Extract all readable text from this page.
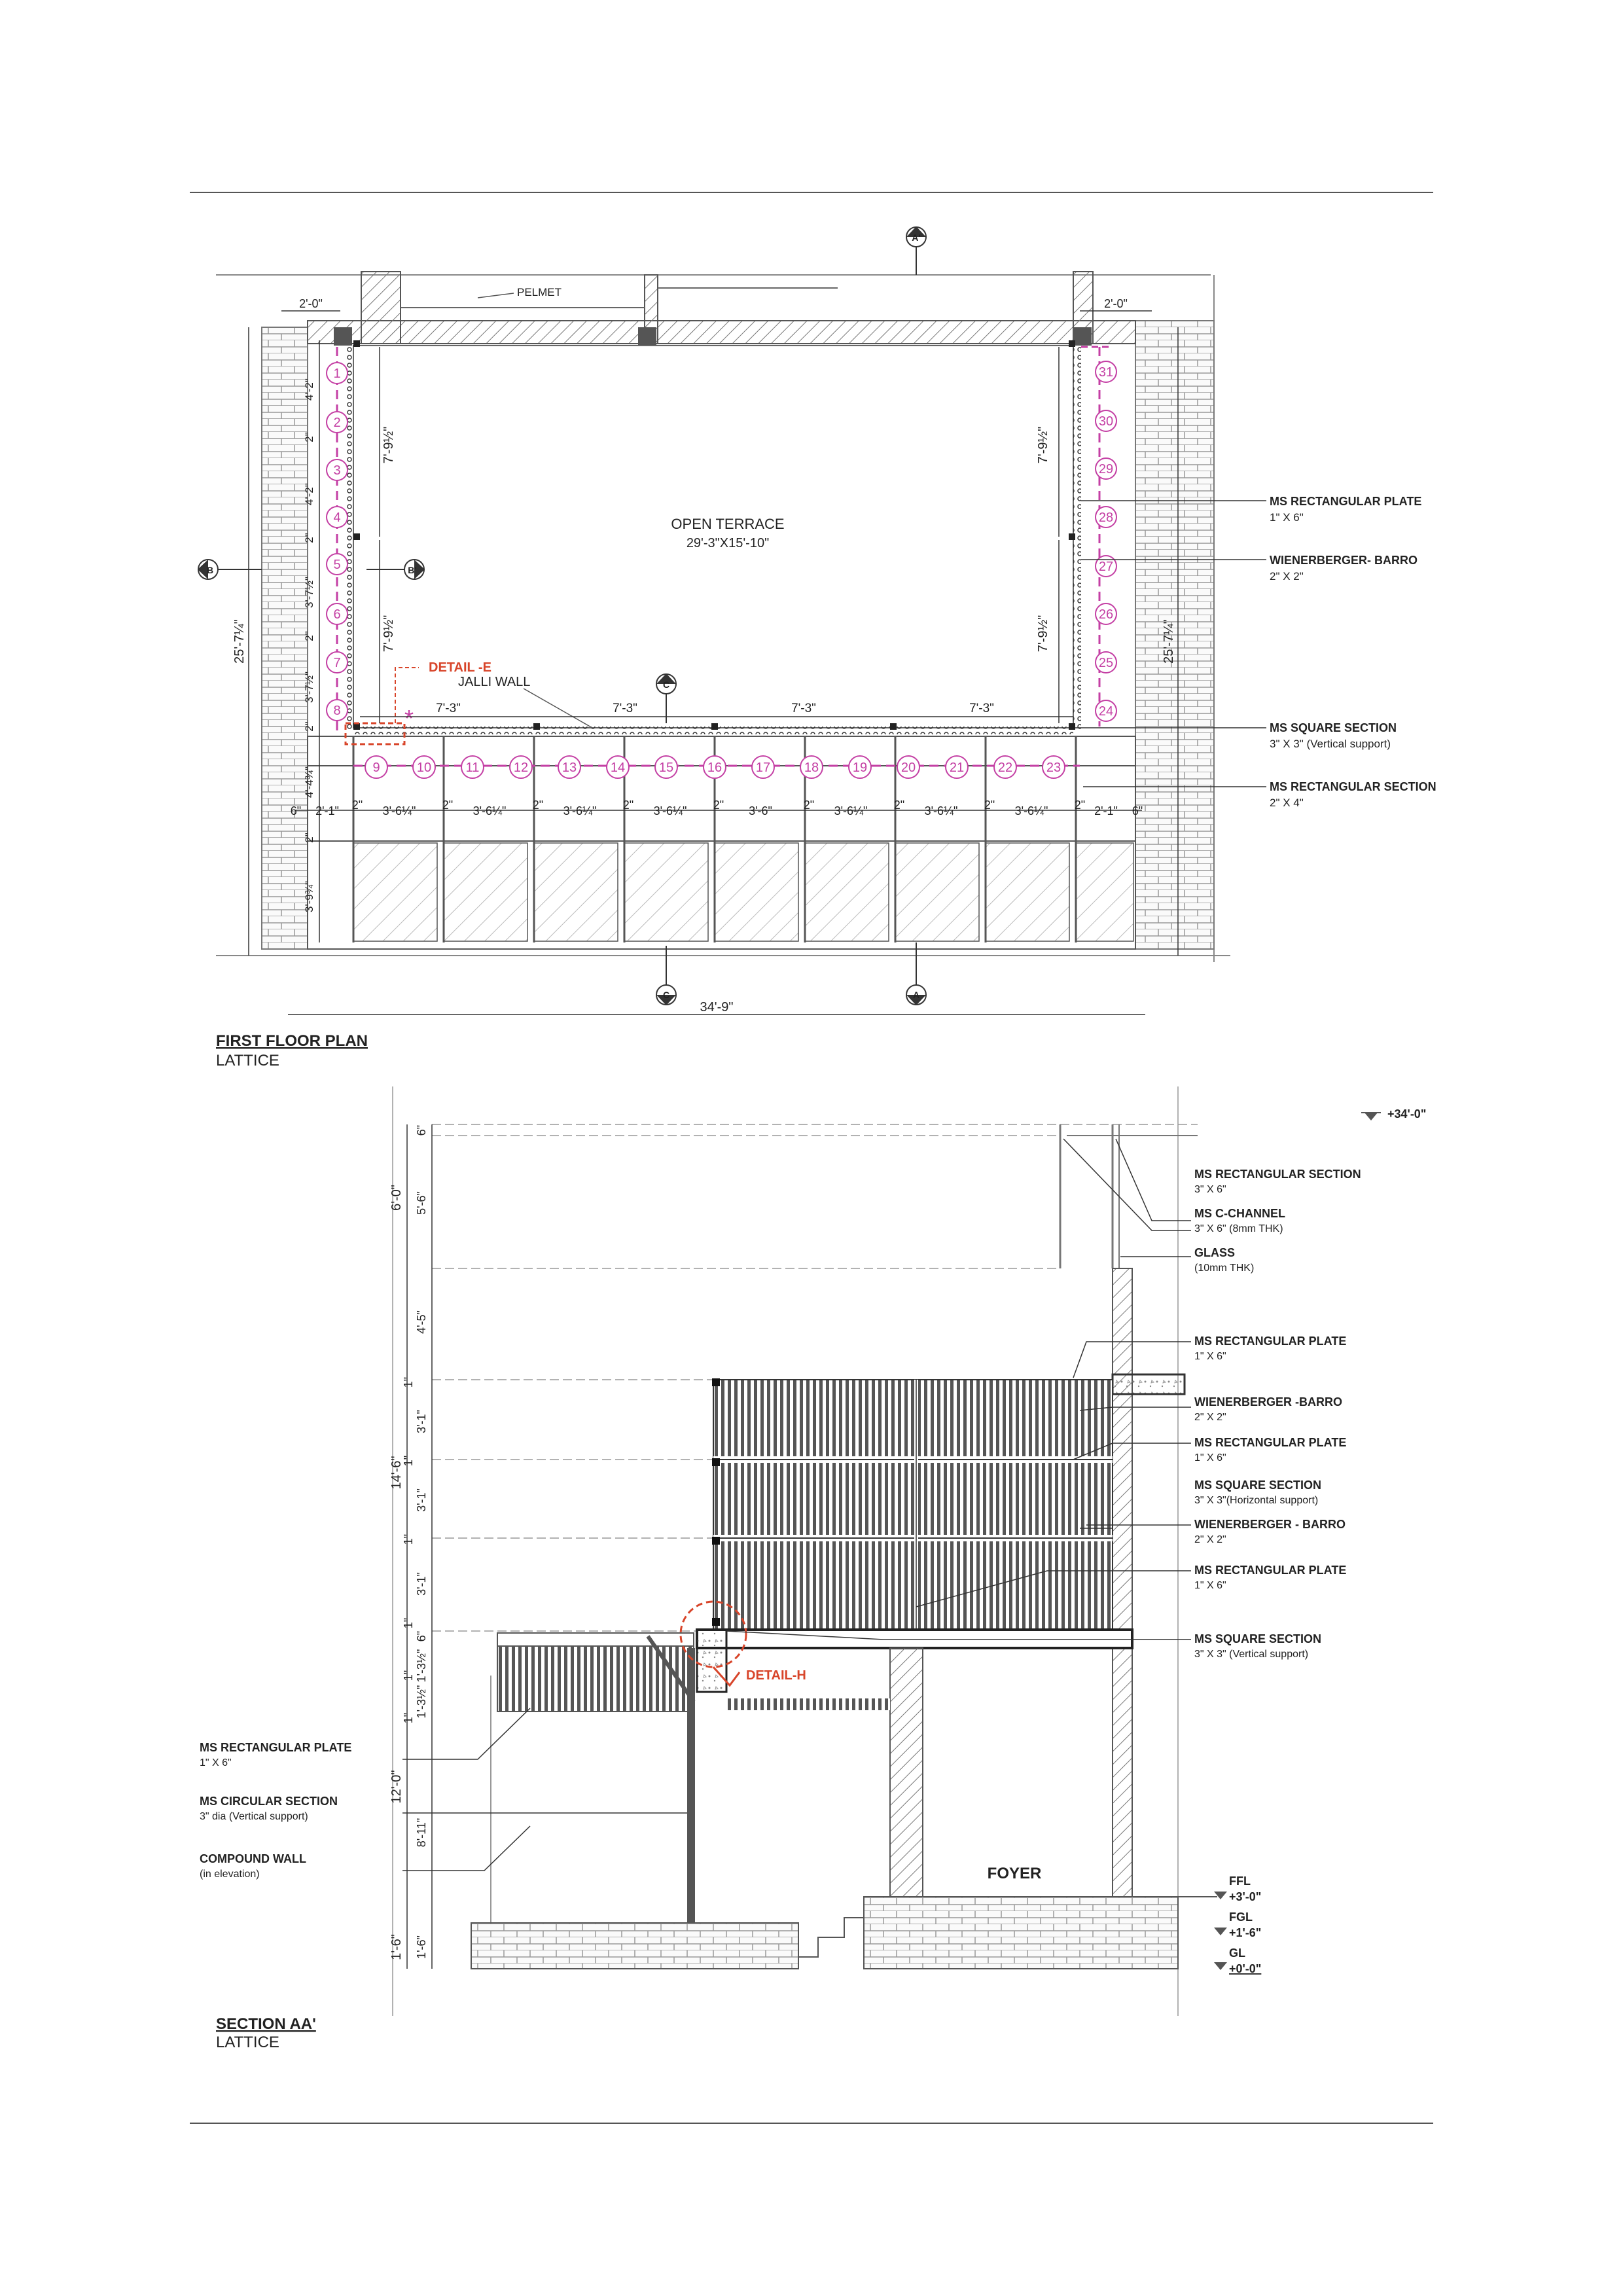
1
2
3
4
5
6
7
8
31
30
29
28
27
26
25
24
9	10	11	12	13	14	15	16	17	18	19	20	21	22	23
OPEN TERRACE
29'-3"X15'-10"
PELMET
DETAIL -E
JALLI WALL
*
A'
A
B	B'
C
C
2'-0"	2'-0"
34'-9"
25'-7¼"	25'-7¼"
7'-9½"
7'-9½"
7'-9½"
7'-9½"
7'-3"	7'-3"	7'-3"	7'-3"
4'-2"
2"
4'-2"
2"
3'-7½"
2"
3'-7½"
2"
4'-4¾"
2"
3'-9¾"
6" 2'-1" 2" 3'-6¼" 2" 3'-6¼" 2" 3'-6¼" 2" 3'-6¼" 2" 3'-6"	2" 3'-6¼" 2" 3'-6¼" 2" 3'-6¼" 2" 2'-1" 6"
MS RECTANGULAR PLATE
1" X 6"
WIENERBERGER- BARRO
2" X 2"
MS SQUARE SECTION
3" X 3" (Vertical support)
MS RECTANGULAR SECTION
2" X 4"
FIRST FLOOR PLAN
LATTICE
FOYER
DETAIL-H
6'-0"
14'-6"
12'-0"
1'-6"
6"
5'-6"
4'-5"
1"
3'-1"
1"
3'-1"
1"
3'-1"
1"
6"
1'-3½"
1"
1'-3½"
1"
8'-11"
1'-6"
+34'-0"
FFL
+3'-0"
FGL
+1'-6"
GL
+0'-0"
MS RECTANGULAR SECTION
3" X 6"
MS C-CHANNEL
3" X 6" (8mm THK)
GLASS
(10mm THK)
MS RECTANGULAR PLATE
1" X 6"
WIENERBERGER -BARRO
2" X 2"
MS RECTANGULAR PLATE
1" X 6"
MS SQUARE SECTION
3" X 3"(Horizontal support)
WIENERBERGER - BARRO
2" X 2"
MS RECTANGULAR PLATE
1" X 6"
MS SQUARE SECTION
3" X 3" (Vertical support)
MS RECTANGULAR PLATE
1" X 6"
MS CIRCULAR SECTION
3" dia (Vertical support)
COMPOUND WALL
(in elevation)
SECTION AA'
LATTICE
